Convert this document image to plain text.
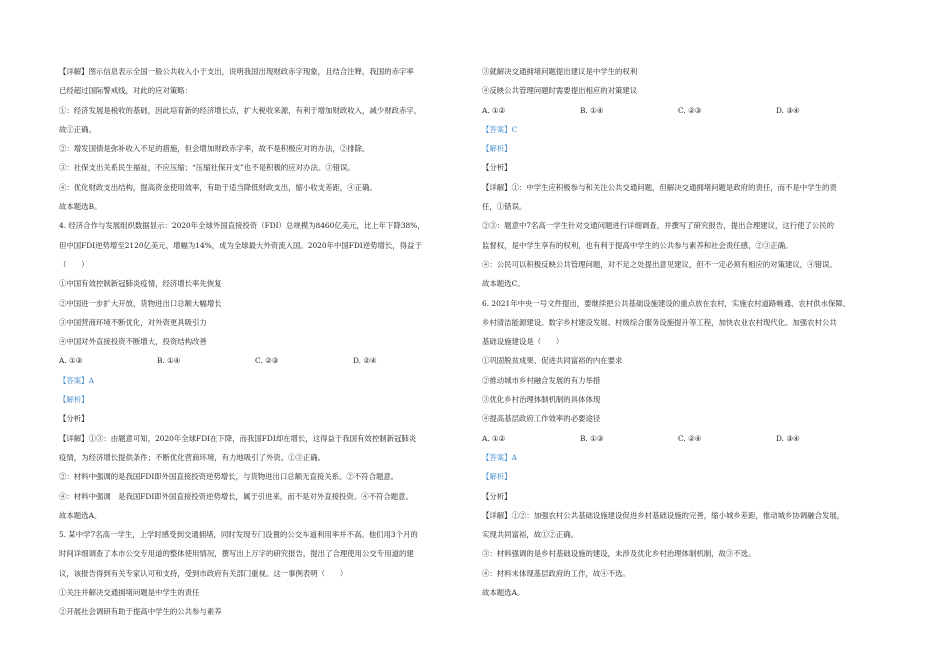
【详解】图示信息表示全国一般公共收入小于支出，说明我国出现财政赤字现象，且结合注释，我国的赤字率
已经超过国际警戒线，对此的应对策略：
①：经济发展是税收的基础，因此培育新的经济增长点，扩大税收来源，有利于增加财政收入，减少财政赤字，
故①正确。
②：增发国债是弥补收入不足的措施，但会增加财政赤字率，故不是积极应对的办法，②排除。
③：社保支出关系民生福祉，不应压缩；“压缩社保开支”也不是积极的应对办法。③错误。
④：优化财政支出结构，提高资金使用效率，有助于适当降低财政支出，缩小收支差距，④正确。
故本题选B。
4. 经济合作与发展组织数据显示：2020年全球外国直接投资（FDI）总规模为8460亿美元，比上年下降38%，
但中国FDI逆势增至2120亿美元，增幅为14%，成为全球最大外资流入国。2020年中国FDI逆势增长，得益于
（　　）
①中国有效控制新冠肺炎疫情，经济增长率先恢复
②中国进一步扩大开放，货物进出口总额大幅增长
③中国营商环境不断优化，对外资更具吸引力
④中国对外直接投资不断增大，投资结构改善
A. ①③	B. ①④	C. ②③	D. ②④
【答案】A
【解析】
【分析】
【详解】①③：由题意可知，2020年全球FDI在下降，而我国FDI却在增长，这得益于我国有效控制新冠肺炎
疫情，为经济增长提供条件；不断优化营商环境，有力地吸引了外资。①③正确。
②：材料中强调的是我国FDI即外国直接投资逆势增长，与货物进出口总额无直接关系。②不符合题意。
④：材料中强调　是我国FDI即外国直接投资逆势增长，属于引进来，而不是对外直接投资。④不符合题意。
故本题选A。
5. 某中学7名高一学生，上学时感受到交通拥堵，同时发现专门设置的公交车道利用率并不高。他们用3个月的
时间详细调查了本市公交专用道的整体使用情况，撰写出上万字的研究报告，提出了合理使用公交专用道的建
议，该报告得到有关专家认可和支持，受到市政府有关部门重视。这一事例表明（　　）
①关注并解决交通拥堵问题是中学生的责任
②开展社会调研有助于提高中学生的公共参与素养
③就解决交通拥堵问题提出建议是中学生的权利
④反映公共管理问题时需要提出相应的对策建议
A. ①②	B. ①④	C. ②③	D. ③④
【答案】C
【解析】
【分析】
【详解】①：中学生应积极参与和关注公共交通问题，但解决交通拥堵问题是政府的责任，而不是中学生的责
任，①错误。
②③：题意中7名高一学生针对交通问题进行详细调查，并撰写了研究报告，提出合理建议，这行使了公民的
监督权，是中学生享有的权利，也有利于提高中学生的公共参与素养和社会责任感，②③正确。
④：公民可以积极反映公共管理问题，对不足之处提出意见建议，但不一定必须有相应的对策建议，④错误。
故本题选C。
6. 2021年中央一号文件提出，要继续把公共基础设施建设的重点放在农村，实施农村道路畅通、农村供水保障、
乡村清洁能源建设。数字乡村建设发展、村级综合服务设施提升等工程，加快农业农村现代化。加强农村公共
基础设施建设是（　　）
①巩固脱贫成果、促进共同富裕的内在要求
②推动城市乡村融合发展的有力举措
③优化乡村治理体制机制的具体体现
④提高基层政府工作效率的必要途径
A. ①②	B. ①③	C. ②④	D. ③④
【答案】A
【解析】
【分析】
【详解】①②：加强农村公共基础设施建设促进乡村基础设施的完善，缩小城乡差距，推动城乡协调融合发展，
实现共同富裕，故①②正确。
③：材料强调的是乡村基础设施的建设，未涉及优化乡村治理体制机制，故③不选。
④：材料未体现基层政府的工作，故④不选。
故本题选A。
